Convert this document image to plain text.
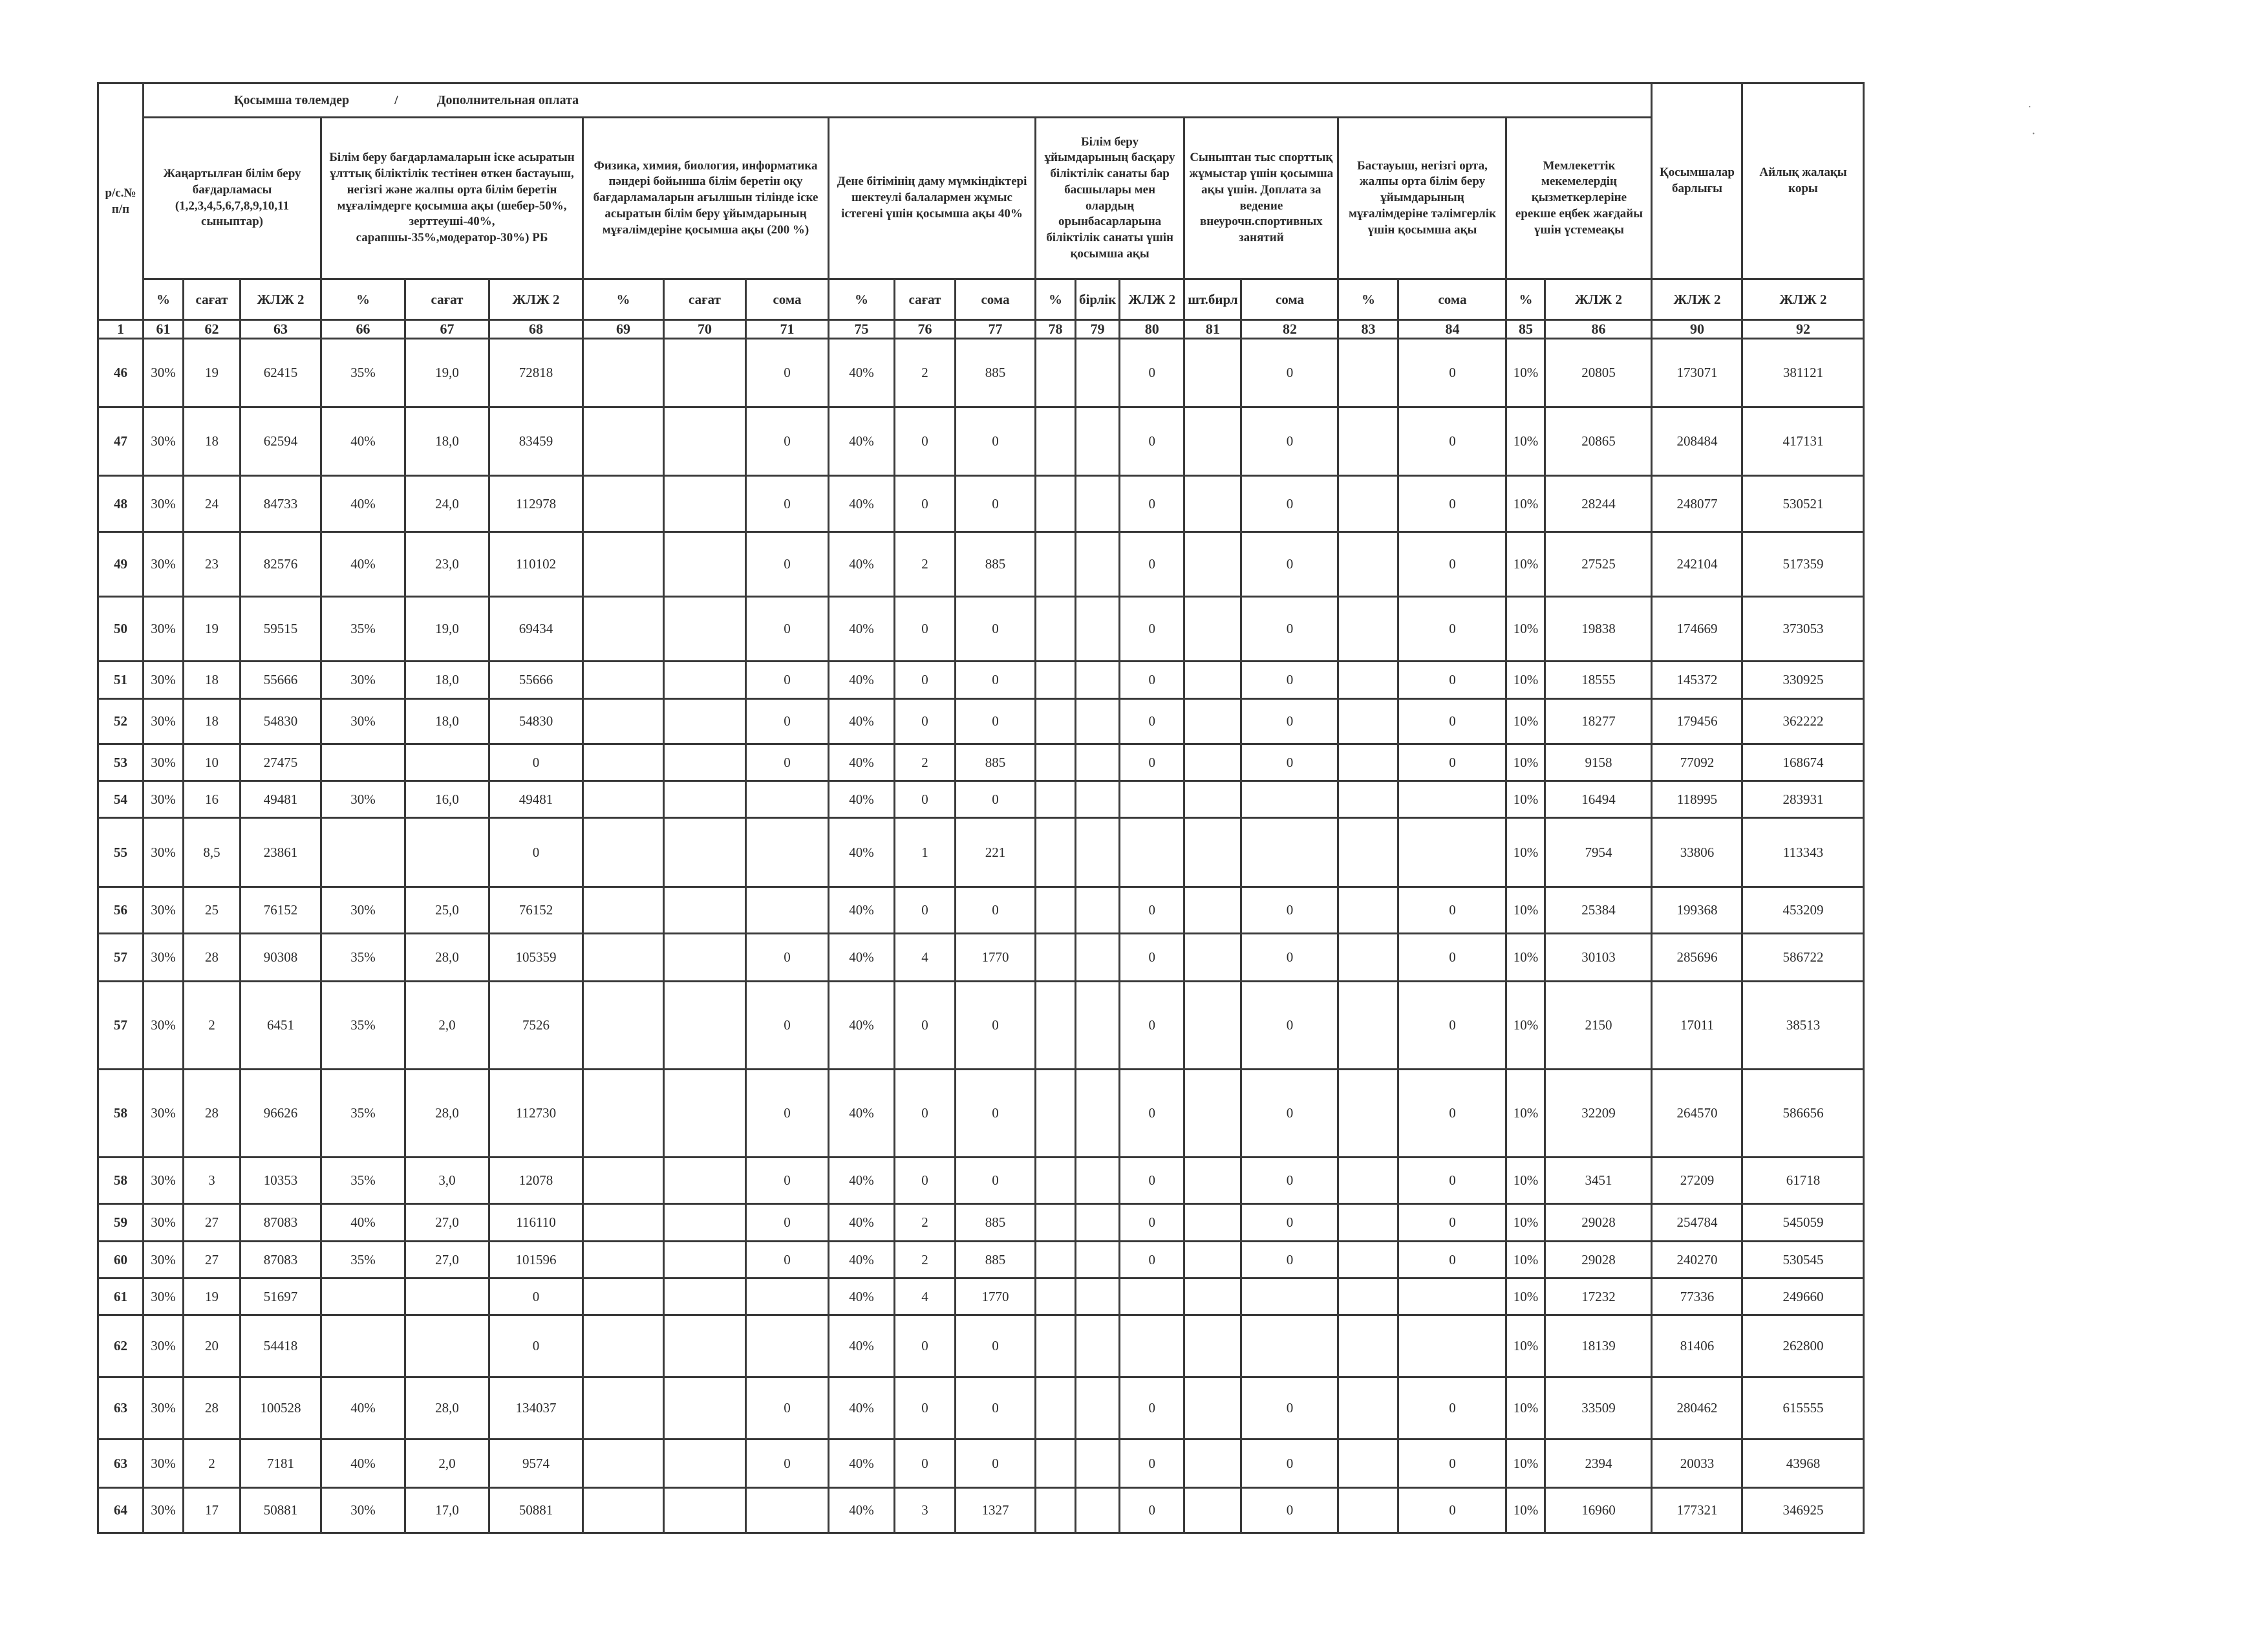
р/с.№ п/п	Қосымша төлемдер / Дополнительная оплата																					Қосымшалар барлығы	Айлық жалақы коры
	Жаңартылған білім беру бағдарламасы (1,2,3,4,5,6,7,8,9,10,11 сыныптар)			Білім беру бағдарламаларын іске асыратын ұлттық біліктілік тестінен өткен бастауыш, негізгі және жалпы орта білім беретін мұғалімдерге қосымша ақы (шебер-50%, зерттеуші-40%, сарапшы-35%,модератор-30%) РБ			Физика, химия, биология, информатика пәндері бойынша білім беретін оқу бағдарламаларын ағылшын тілінде іске асыратын білім беру ұйымдарының мұғалімдеріне қосымша ақы (200 %)			Дене бітімінің даму мүмкіндіктері шектеулі балалармен жұмыс істегені үшін қосымша ақы 40%			Білім беру ұйымдарының басқару біліктілік санаты бар басшылары мен олардың орынбасарларына біліктілік санаты үшін қосымша ақы			Сыныптан тыс спорттық жұмыстар үшін қосымша ақы үшін. Доплата за ведение внеурочн.спортивных занятий		Бастауыш, негізгі орта, жалпы орта білім беру ұйымдарының мұғалімдеріне тәлімгерлік үшін қосымша ақы		Мемлекеттік мекемелердің қызметкерлеріне ерекше еңбек жағдайы үшін үстемеақы			
	%	сағат	ЖЛЖ 2	%	сағат	ЖЛЖ 2	%	сағат	сома	%	сағат	сома	%	бірлік	ЖЛЖ 2	шт.бирл	сома	%	сома	%	ЖЛЖ 2	ЖЛЖ 2	ЖЛЖ 2
1	61	62	63	66	67	68	69	70	71	75	76	77	78	79	80	81	82	83	84	85	86	90	92
46	30%	19	62415	35%	19,0	72818			0	40%	2	885			0		0		0	10%	20805	173071	381121
47	30%	18	62594	40%	18,0	83459			0	40%	0	0			0		0		0	10%	20865	208484	417131
48	30%	24	84733	40%	24,0	112978			0	40%	0	0			0		0		0	10%	28244	248077	530521
49	30%	23	82576	40%	23,0	110102			0	40%	2	885			0		0		0	10%	27525	242104	517359
50	30%	19	59515	35%	19,0	69434			0	40%	0	0			0		0		0	10%	19838	174669	373053
51	30%	18	55666	30%	18,0	55666			0	40%	0	0			0		0		0	10%	18555	145372	330925
52	30%	18	54830	30%	18,0	54830			0	40%	0	0			0		0		0	10%	18277	179456	362222
53	30%	10	27475			0			0	40%	2	885			0		0		0	10%	9158	77092	168674
54	30%	16	49481	30%	16,0	49481				40%	0	0								10%	16494	118995	283931
55	30%	8,5	23861			0				40%	1	221								10%	7954	33806	113343
56	30%	25	76152	30%	25,0	76152				40%	0	0			0		0		0	10%	25384	199368	453209
57	30%	28	90308	35%	28,0	105359			0	40%	4	1770			0		0		0	10%	30103	285696	586722
57	30%	2	6451	35%	2,0	7526			0	40%	0	0			0		0		0	10%	2150	17011	38513
58	30%	28	96626	35%	28,0	112730			0	40%	0	0			0		0		0	10%	32209	264570	586656
58	30%	3	10353	35%	3,0	12078			0	40%	0	0			0		0		0	10%	3451	27209	61718
59	30%	27	87083	40%	27,0	116110			0	40%	2	885			0		0		0	10%	29028	254784	545059
60	30%	27	87083	35%	27,0	101596			0	40%	2	885			0		0		0	10%	29028	240270	530545
61	30%	19	51697			0				40%	4	1770								10%	17232	77336	249660
62	30%	20	54418			0				40%	0	0								10%	18139	81406	262800
63	30%	28	100528	40%	28,0	134037			0	40%	0	0			0		0		0	10%	33509	280462	615555
63	30%	2	7181	40%	2,0	9574			0	40%	0	0			0		0		0	10%	2394	20033	43968
64	30%	17	50881	30%	17,0	50881				40%	3	1327			0		0		0	10%	16960	177321	346925
˙
·
